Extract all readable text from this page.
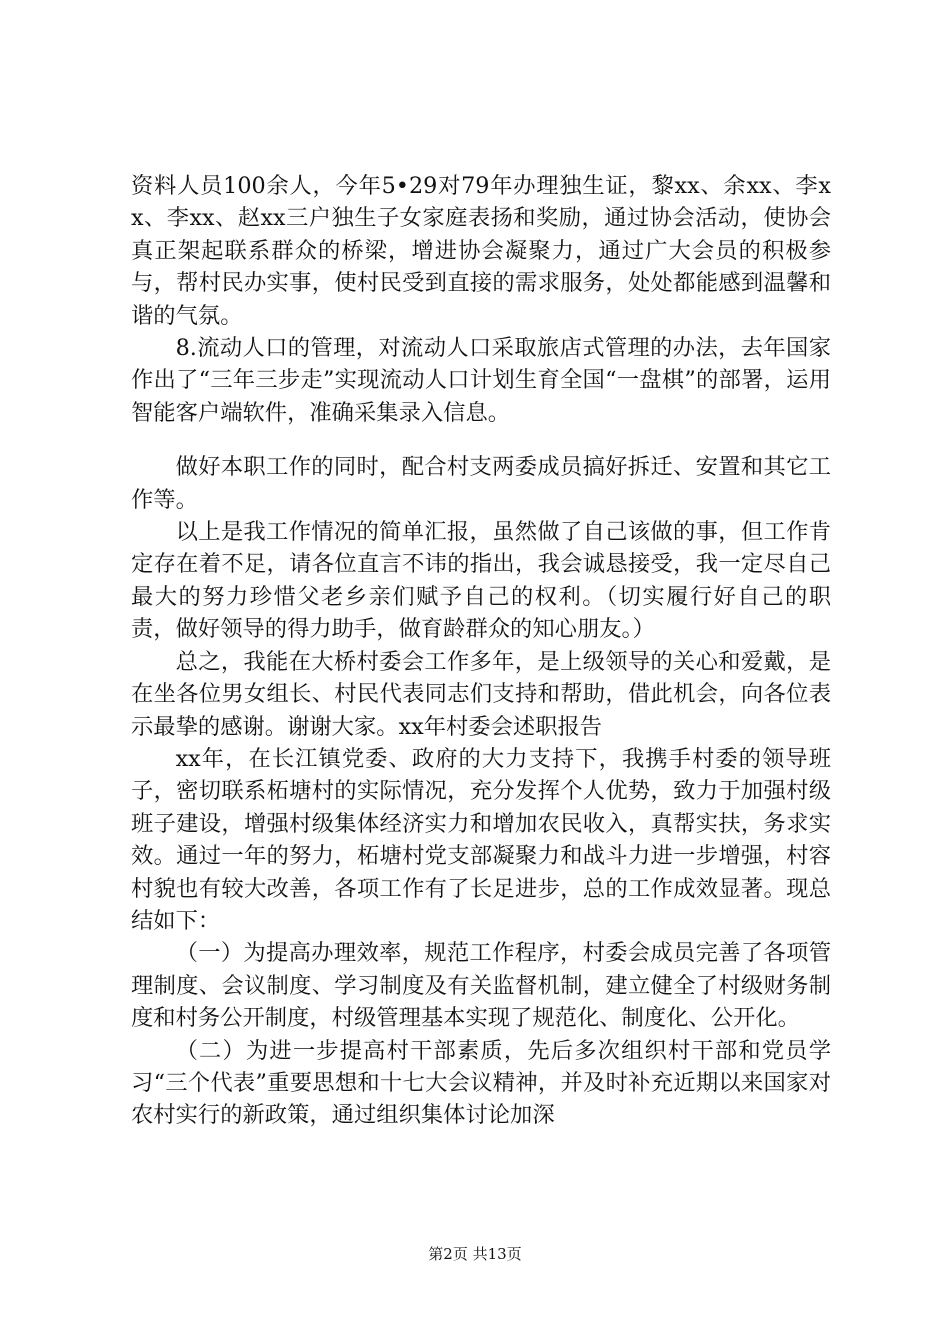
资料人员100余人，今年5•29对79年办理独生证，黎xx、余xx、李xx、李xx、赵xx三户独生子女家庭表扬和奖励，通过协会活动，使协会真正架起联系群众的桥梁，增进协会凝聚力，通过广大会员的积极参与，帮村民办实事，使村民受到直接的需求服务，处处都能感到温馨和谐的气氛。

8.流动人口的管理，对流动人口采取旅店式管理的办法，去年国家作出了“三年三步走”实现流动人口计划生育全国“一盘棋”的部署，运用智能客户端软件，准确采集录入信息。

做好本职工作的同时，配合村支两委成员搞好拆迁、安置和其它工作等。

以上是我工作情况的简单汇报，虽然做了自己该做的事，但工作肯定存在着不足，请各位直言不讳的指出，我会诚恳接受，我一定尽自己最大的努力珍惜父老乡亲们赋予自己的权利。（切实履行好自己的职责，做好领导的得力助手，做育龄群众的知心朋友。）

总之，我能在大桥村委会工作多年，是上级领导的关心和爱戴，是在坐各位男女组长、村民代表同志们支持和帮助，借此机会，向各位表示最挚的感谢。谢谢大家。xx年村委会述职报告

xx年，在长江镇党委、政府的大力支持下，我携手村委的领导班子，密切联系柘塘村的实际情况，充分发挥个人优势，致力于加强村级班子建设，增强村级集体经济实力和增加农民收入，真帮实扶，务求实效。通过一年的努力，柘塘村党支部凝聚力和战斗力进一步增强，村容村貌也有较大改善，各项工作有了长足进步，总的工作成效显著。现总结如下：

（一）为提高办理效率，规范工作程序，村委会成员完善了各项管理制度、会议制度、学习制度及有关监督机制，建立健全了村级财务制度和村务公开制度，村级管理基本实现了规范化、制度化、公开化。

（二）为进一步提高村干部素质，先后多次组织村干部和党员学习“三个代表”重要思想和十七大会议精神，并及时补充近期以来国家对农村实行的新政策，通过组织集体讨论加深

第2页 共13页
